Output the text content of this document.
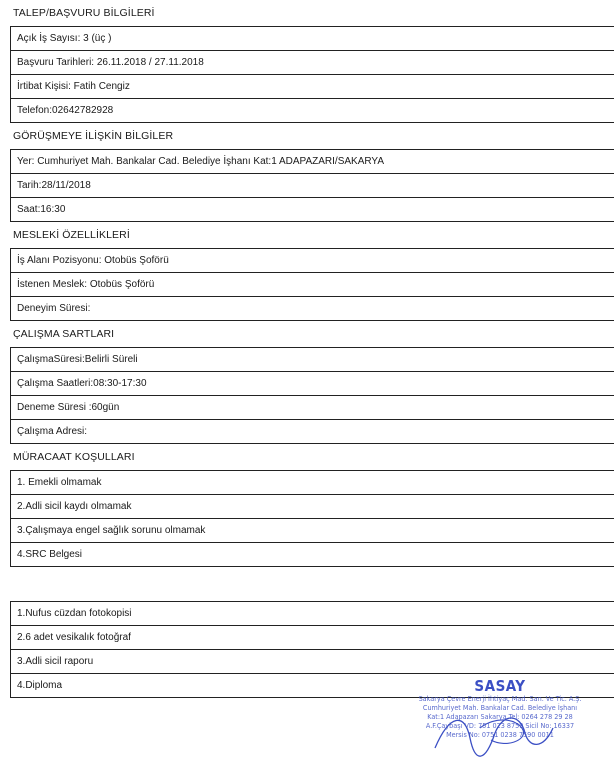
TALEP/BAŞVURU BİLGİLERİ
Açık İş Sayısı: 3 (üç )
Başvuru Tarihleri: 26.11.2018 / 27.11.2018
İrtibat Kişisi: Fatih Cengiz
Telefon:02642782928
GÖRÜŞMEYE İLİŞKİN BİLGİLER
Yer: Cumhuriyet Mah. Bankalar Cad. Belediye İşhanı Kat:1 ADAPAZARI/SAKARYA
Tarih:28/11/2018
Saat:16:30
MESLEKİ ÖZELLİKLERİ
İş Alanı Pozisyonu: Otobüs Şoförü
İstenen Meslek: Otobüs Şoförü
Deneyim Süresi:
ÇALIŞMA SARTLARI
ÇalışmaSüresi:Belirli Süreli
Çalışma Saatleri:08:30-17:30
Deneme Süresi :60gün
Çalışma Adresi:
MÜRACAAT KOŞULLARI
1. Emekli olmamak
2.Adli sicil kaydı olmamak
3.Çalışmaya engel sağlık sorunu olmamak
4.SRC Belgesi
1.Nufus cüzdan fotokopisi
2.6 adet vesikalık fotoğraf
3.Adli sicil raporu
4.Diploma	SASAY
Sakarya Çevre Enerji İhtiyaç Mad. San. Ve Tic. A.Ş.
Cumhuriyet Mah. Bankalar Cad. Belediye İşhanı
Kat:1 Adapazarı Sakarya Tel: 0264 278 29 28
A.F.Çaybaşı VD: 751 023 8759 Sicil No: 16337
Mersis No: 0751 0238 7590 0011
